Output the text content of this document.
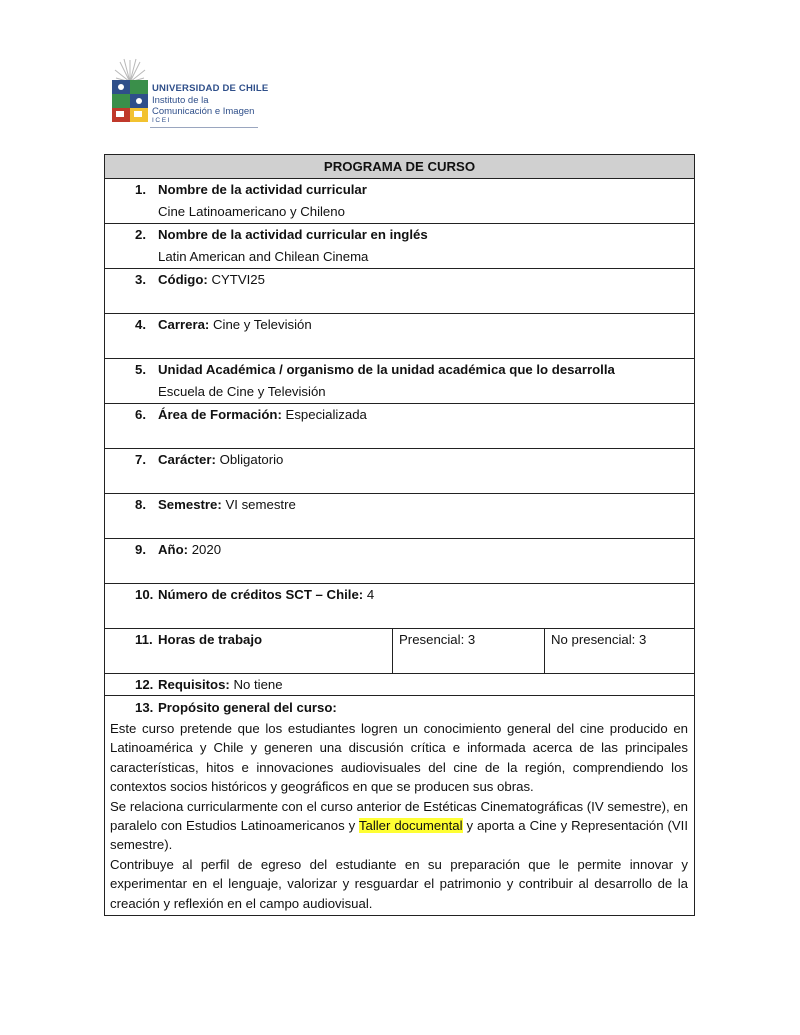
UNIVERSIDAD DE CHILE
Instituto de la
Comunicación e Imagen
ICEI
PROGRAMA DE CURSO
1. Nombre de la actividad curricular
Cine Latinoamericano y Chileno
2. Nombre de la actividad curricular en inglés
Latin American and Chilean Cinema
3. Código: CYTVI25
4. Carrera: Cine y Televisión
5. Unidad Académica / organismo de la unidad académica que lo desarrolla
Escuela de Cine y Televisión
6. Área de Formación: Especializada
7. Carácter: Obligatorio
8. Semestre: VI semestre
9. Año: 2020
10. Número de créditos SCT – Chile: 4
11. Horas de trabajo	Presencial: 3	No presencial: 3
12. Requisitos: No tiene
13. Propósito general del curso:
Este curso pretende que los estudiantes logren un conocimiento general del cine producido en Latinoamérica y Chile y generen una discusión crítica e informada acerca de las principales características, hitos e innovaciones audiovisuales del cine de la región, comprendiendo los contextos socios históricos y geográficos en que se producen sus obras.
Se relaciona curricularmente con el curso anterior de Estéticas Cinematográficas (IV semestre), en paralelo con Estudios Latinoamericanos y Taller documental y aporta a Cine y Representación (VII semestre).
Contribuye al perfil de egreso del estudiante en su preparación que le permite innovar y experimentar en el lenguaje, valorizar y resguardar el patrimonio y contribuir al desarrollo de la creación y reflexión en el campo audiovisual.
